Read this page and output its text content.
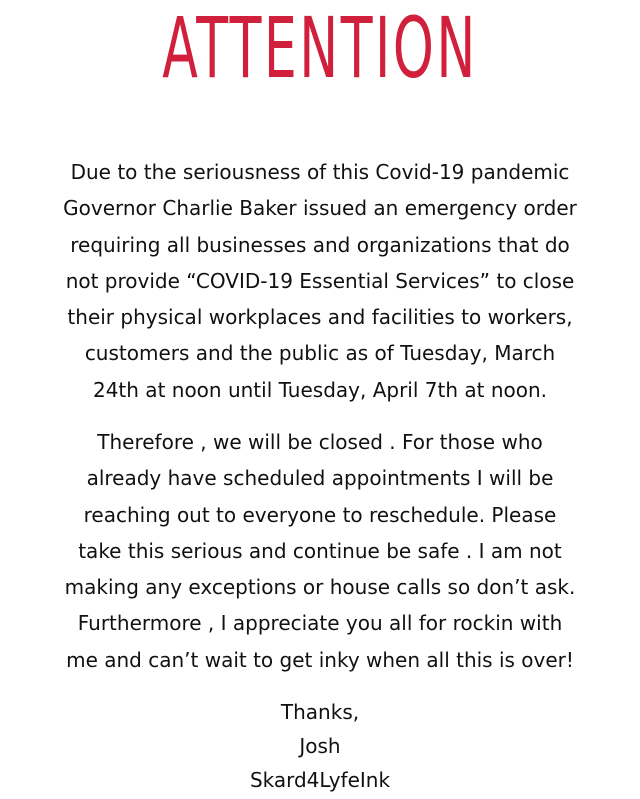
ATTENTION
Due to the seriousness of this Covid-19 pandemic
Governor Charlie Baker issued an emergency order
requiring all businesses and organizations that do
not provide “COVID-19 Essential Services” to close
their physical workplaces and facilities to workers,
customers and the public as of Tuesday, March
24th at noon until Tuesday, April 7th at noon.
Therefore , we will be closed . For those who
already have scheduled appointments I will be
reaching out to everyone to reschedule. Please
take this serious and continue be safe . I am not
making any exceptions or house calls so don’t ask.
Furthermore , I appreciate you all for rockin with
me and can’t wait to get inky when all this is over!
Thanks,
Josh
Skard4LyfeInk
